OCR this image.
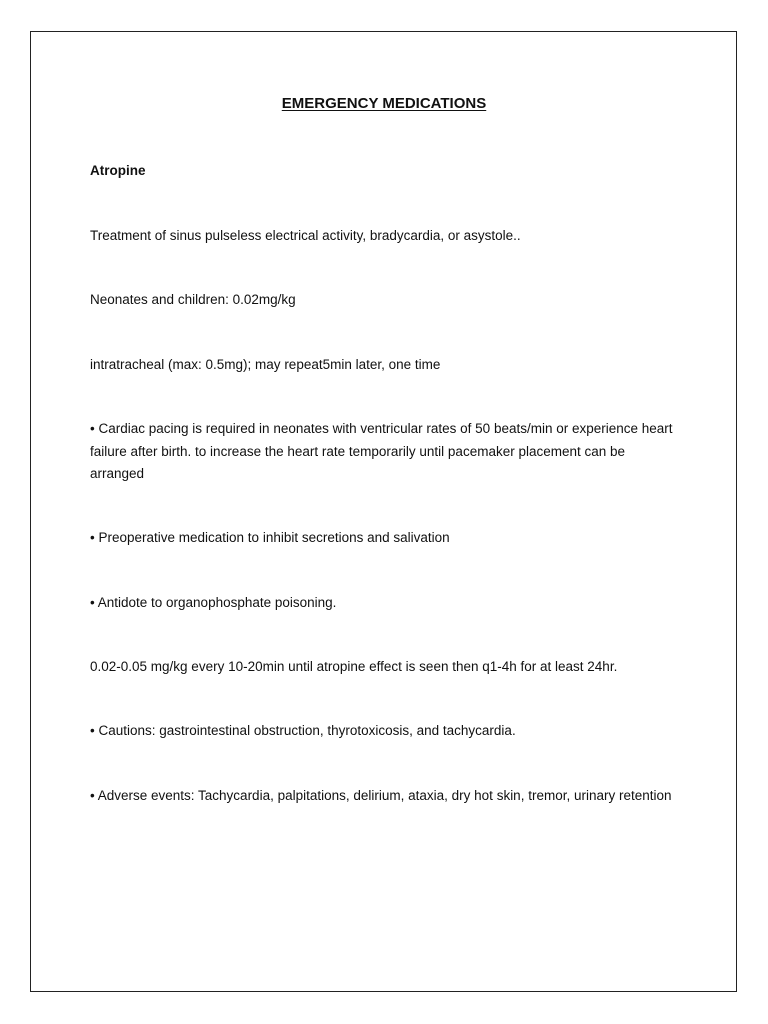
EMERGENCY MEDICATIONS

Atropine

Treatment of sinus pulseless electrical activity, bradycardia, or asystole..

Neonates and children: 0.02mg/kg

intratracheal (max: 0.5mg); may repeat5min later, one time

• Cardiac pacing is required in neonates with ventricular rates of 50 beats/min or experience heart failure after birth. to increase the heart rate temporarily until pacemaker placement can be arranged

• Preoperative medication to inhibit secretions and salivation

• Antidote to organophosphate poisoning.

0.02-0.05 mg/kg every 10-20min until atropine effect is seen then q1-4h for at least 24hr.

• Cautions: gastrointestinal obstruction, thyrotoxicosis, and tachycardia.

• Adverse events: Tachycardia, palpitations, delirium, ataxia, dry hot skin, tremor, urinary retention
